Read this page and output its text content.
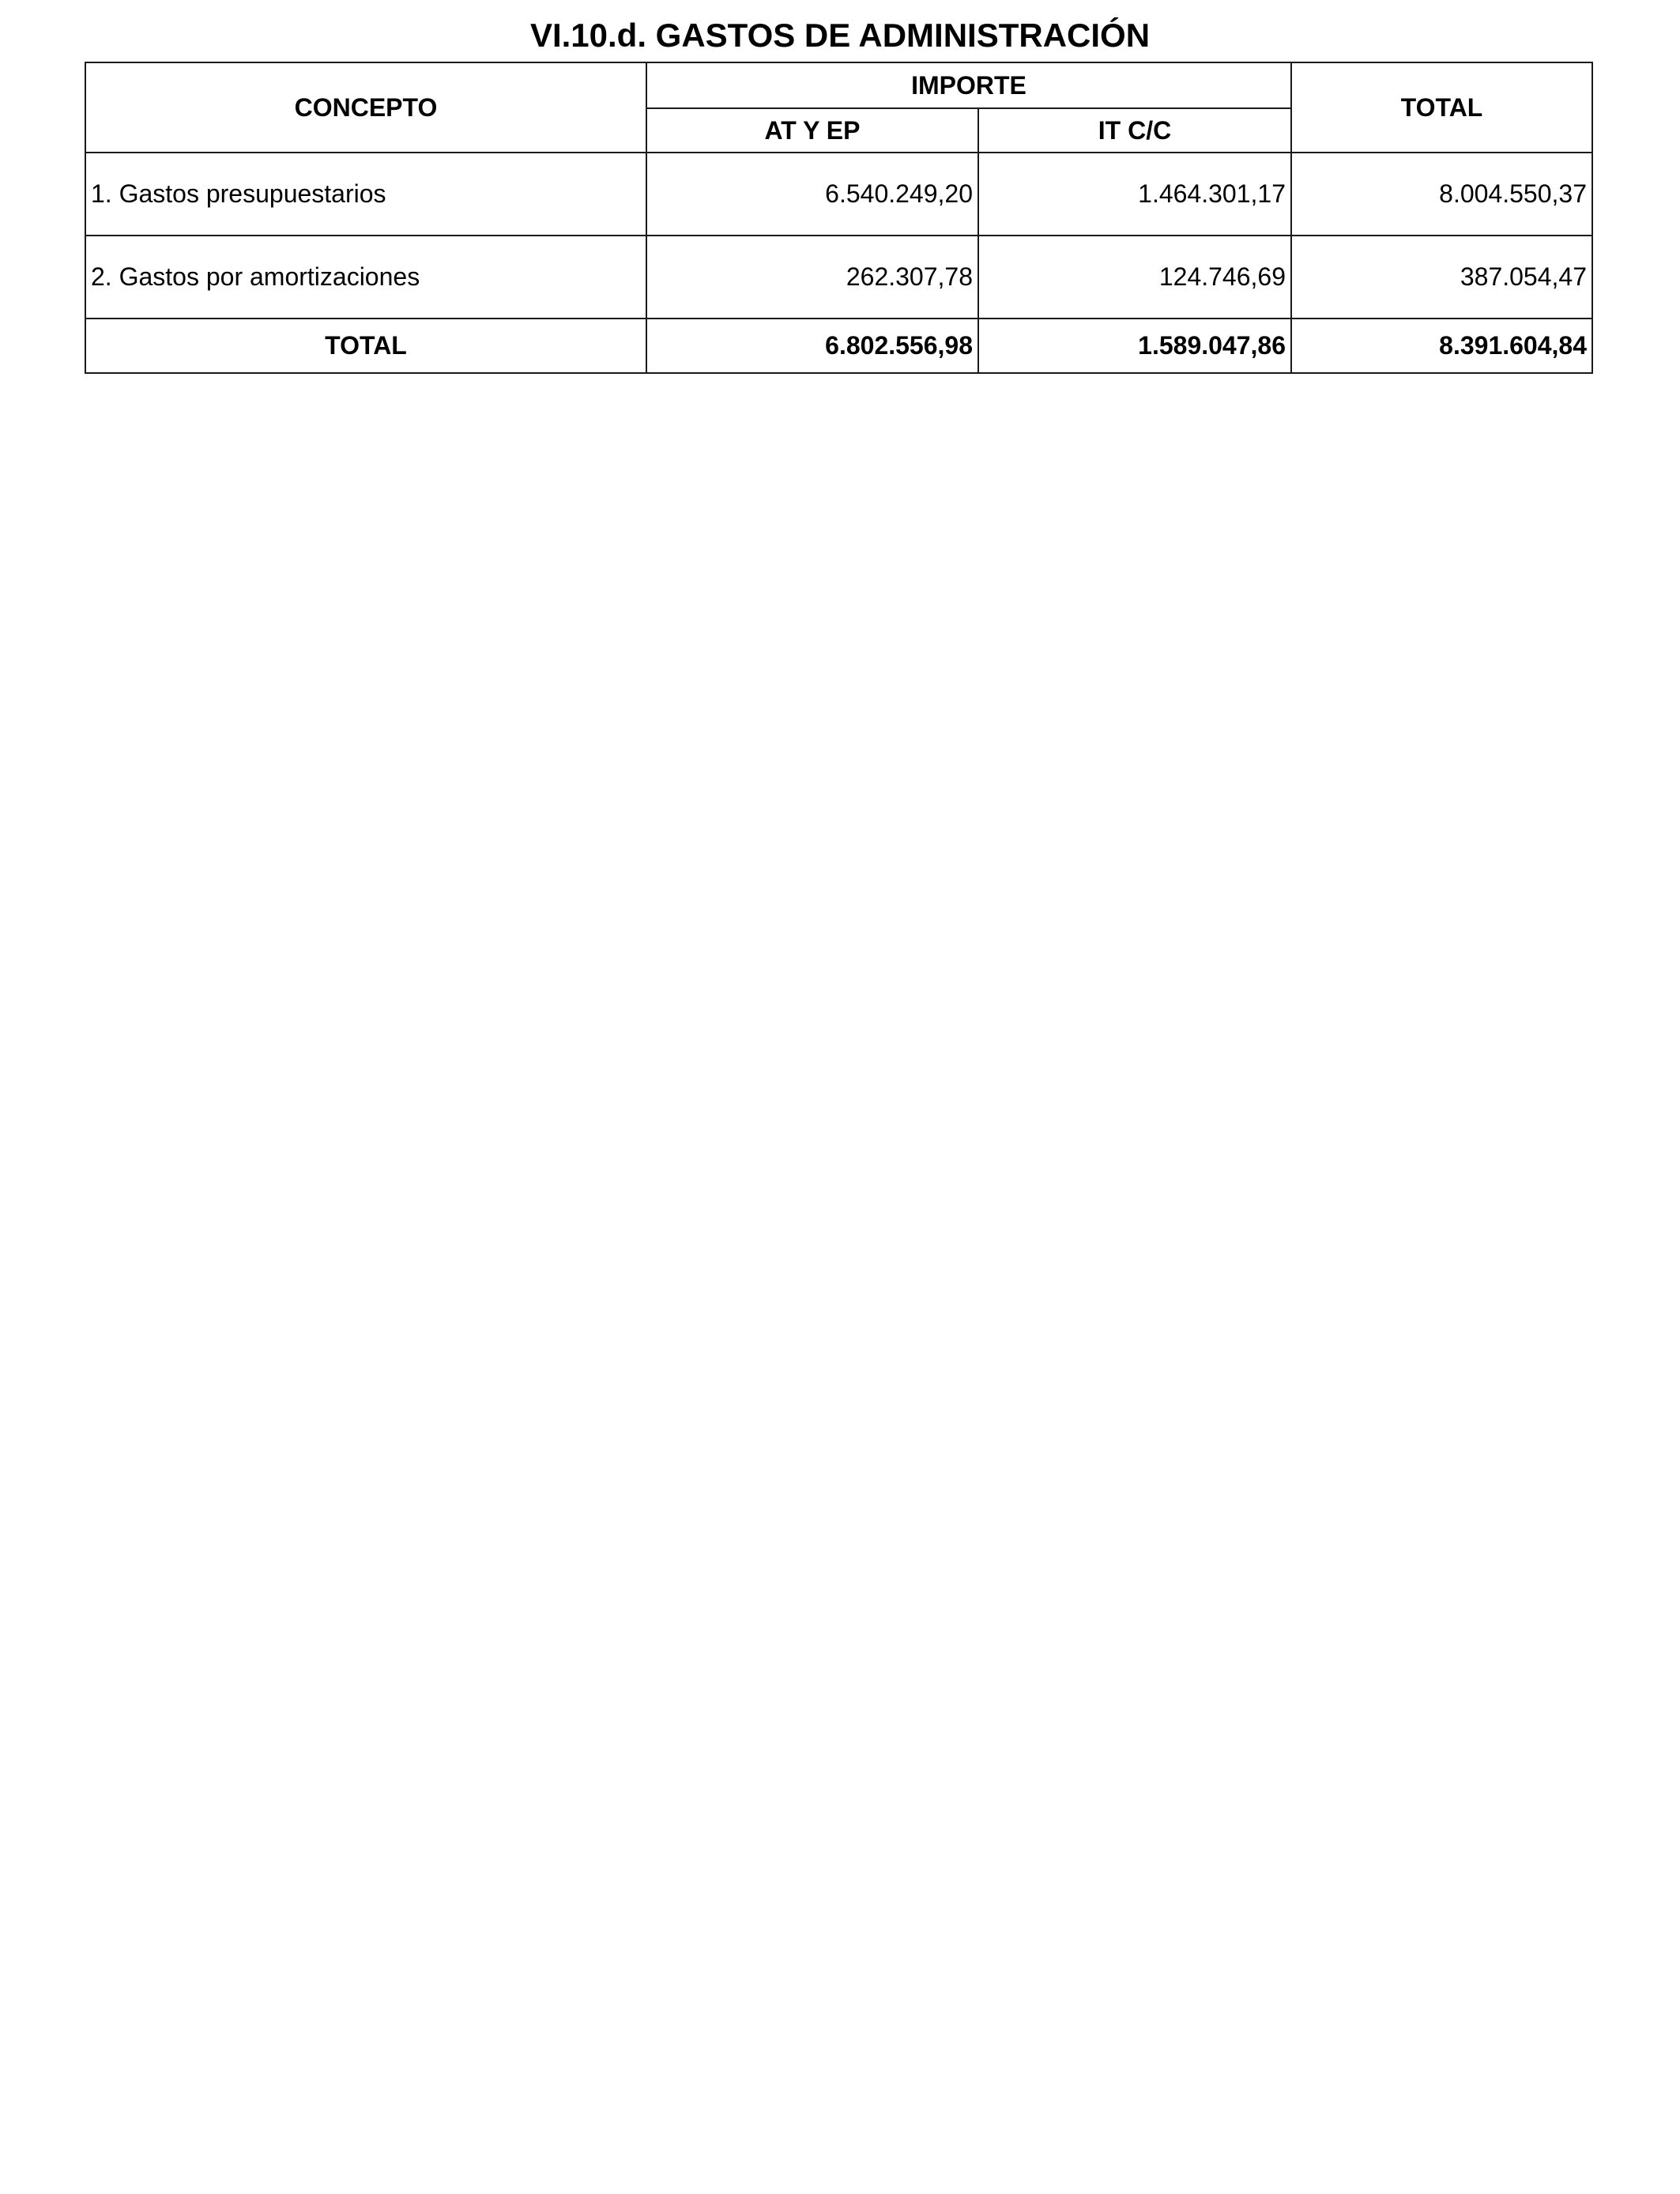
VI.10.d. GASTOS DE ADMINISTRACIÓN
CONCEPTO	IMPORTE		TOTAL
	AT Y EP	IT C/C	
1. Gastos presupuestarios	6.540.249,20	1.464.301,17	8.004.550,37
2. Gastos por amortizaciones	262.307,78	124.746,69	387.054,47
TOTAL	6.802.556,98	1.589.047,86	8.391.604,84
